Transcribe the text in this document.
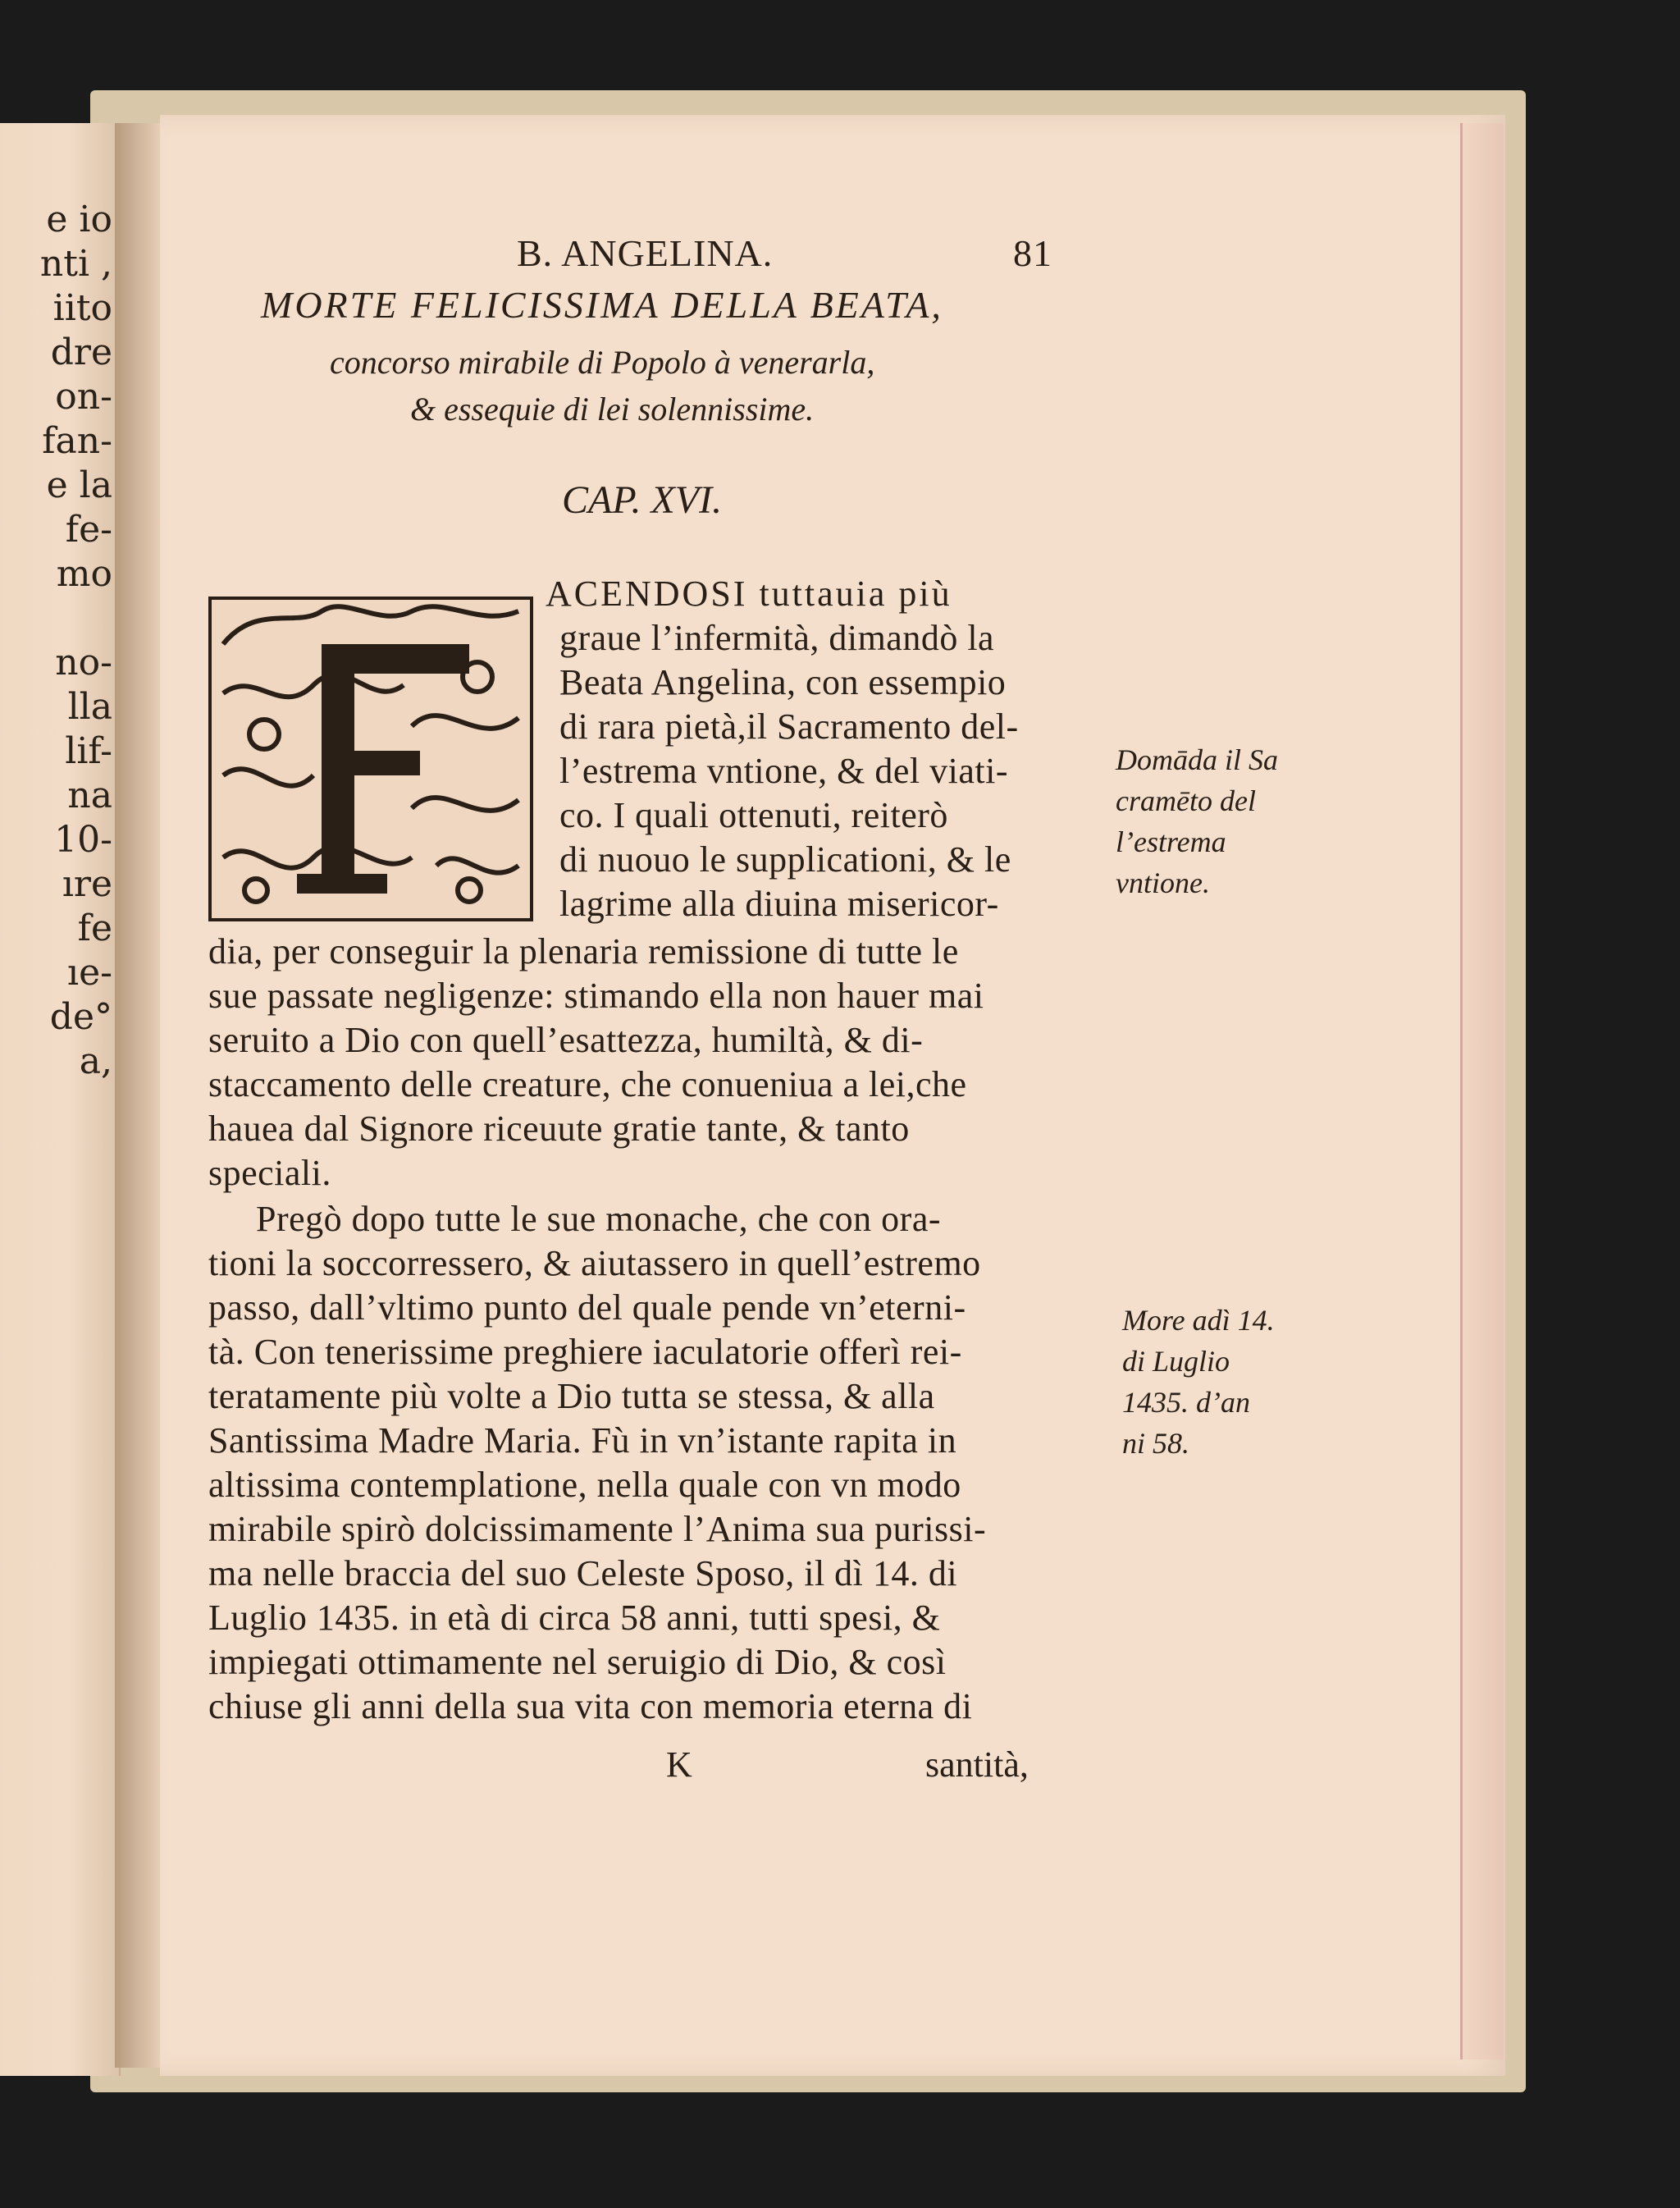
e io
nti ,
iito
dre
on-
fan-
e la
fe-
mo
no-
lla
lif-
na
10-
ıre
fe
ıe-
de°
a,
B. ANGELINA.	81
MORTE FELICISSIMA DELLA BEATA,
concorso mirabile di Popolo à venerarla,
& essequie di lei solennissime.
CAP. XVI.
ACENDOSI tuttauia più
graue l’infermità, dimandò la
Beata Angelina, con essempio
di rara pietà,il Sacramento del-
l’estrema vntione, & del viati-
co. I quali ottenuti, reiterò
di nuouo le supplicationi, & le
lagrime alla diuina misericor-
dia, per conseguir la plenaria remissione di tutte le
sue passate negligenze: stimando ella non hauer mai
seruito a Dio con quell’esattezza, humiltà, & di-
staccamento delle creature, che conueniua a lei,che
hauea dal Signore riceuute gratie tante, & tanto
speciali.
Pregò dopo tutte le sue monache, che con ora-
tioni la soccorressero, & aiutassero in quell’estremo
passo, dall’vltimo punto del quale pende vn’eterni-
tà. Con tenerissime preghiere iaculatorie offerì rei-
teratamente più volte a Dio tutta se stessa, & alla
Santissima Madre Maria. Fù in vn’istante rapita in
altissima contemplatione, nella quale con vn modo
mirabile spirò dolcissimamente l’Anima sua purissi-
ma nelle braccia del suo Celeste Sposo, il dì 14. di
Luglio 1435. in età di circa 58 anni, tutti spesi, &
impiegati ottimamente nel seruigio di Dio, & così
chiuse gli anni della sua vita con memoria eterna di
Domāda il Sa
cramēto del
l’estrema
vntione.
More adì 14.
di Luglio
1435. d’an
ni 58.
K	santità,
